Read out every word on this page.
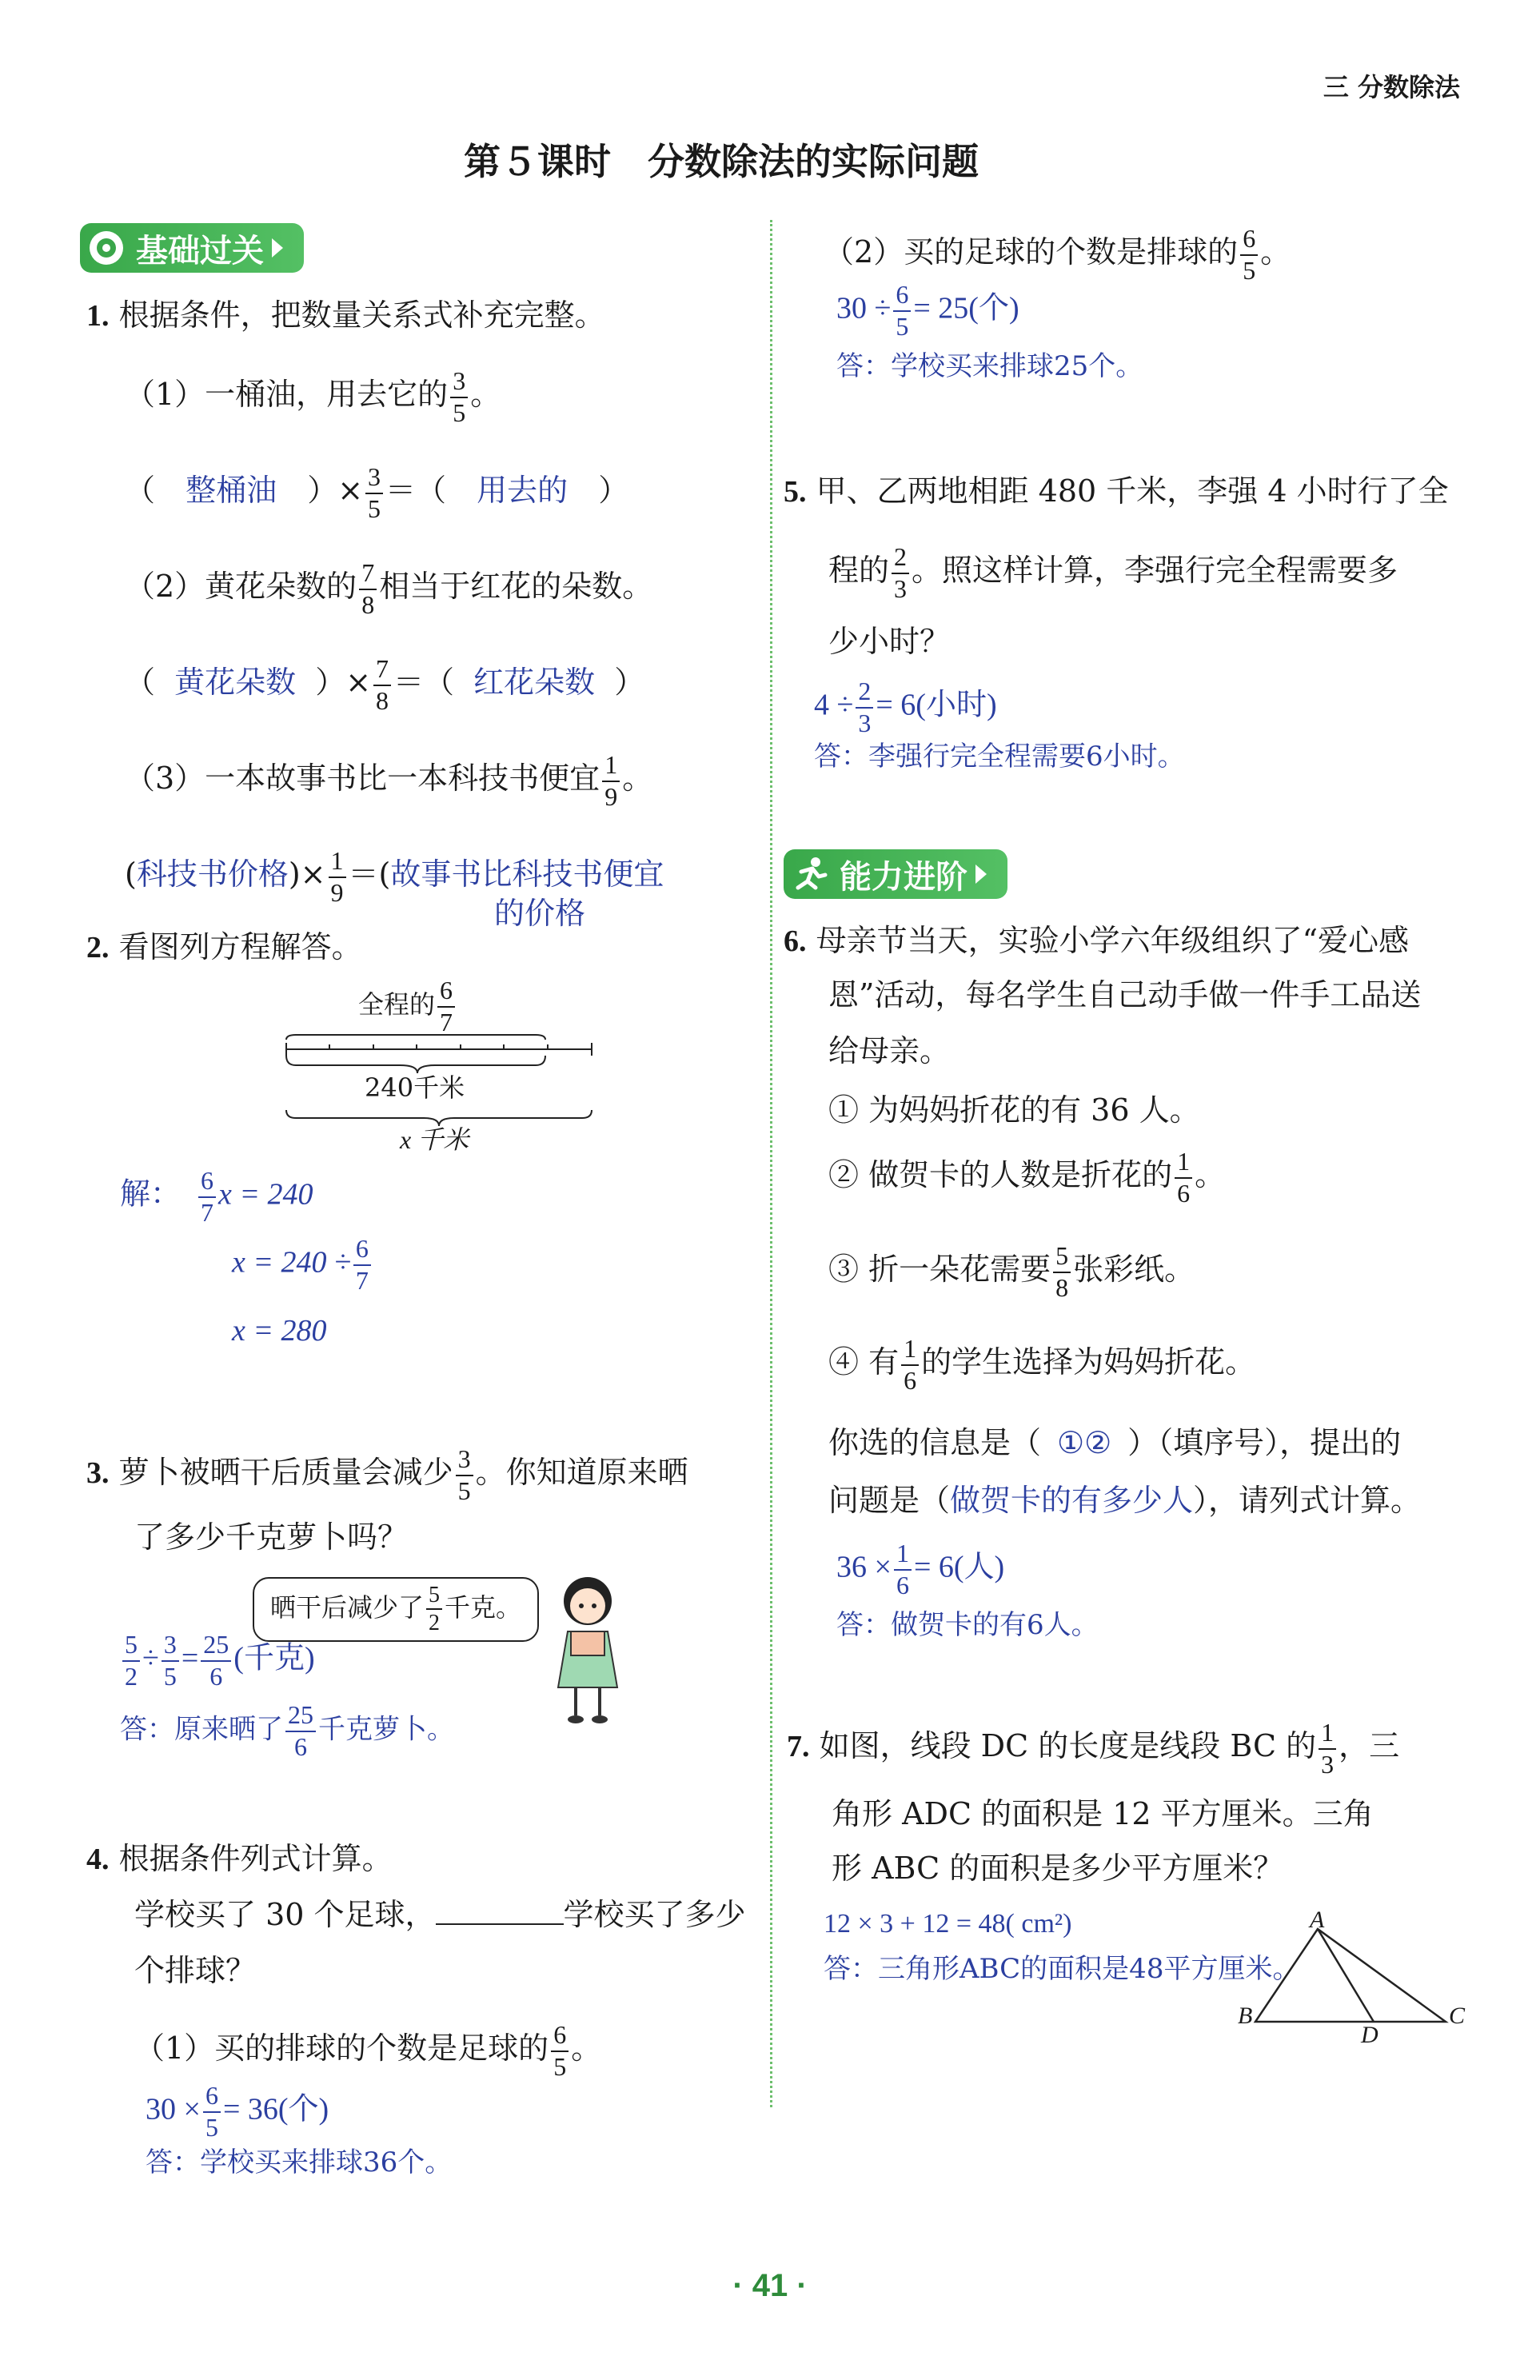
三 分数除法
第５课时　分数除法的实际问题
基础过关
1. 根据条件，把数量关系式补充完整。
（1）一桶油，用去它的 $\frac{3}{5}$ 。
（ 整桶油 ）× $\frac{3}{5}$ ＝（ 用去的 ）
（2）黄花朵数的 $\frac{7}{8}$ 相当于红花的朵数。
（ 黄花朵数 ）× $\frac{7}{8}$ ＝（ 红花朵数 ）
（3）一本故事书比一本科技书便宜 $\frac{1}{9}$ 。
(科技书价格)× $\frac{1}{9}$ ＝(故事书比科技书便宜
的价格
2. 看图列方程解答。
全程的 $\frac{6}{7}$
240千米
x 千米
解： $\frac{6}{7}$ x = 240
$x = 240 \div \frac{6}{7}$
x = 280
3. 萝卜被晒干后质量会减少 $\frac{3}{5}$ 。你知道原来晒
了多少千克萝卜吗？
晒干后减少了 $\frac{5}{2}$ 千克。
$\frac{5}{2} \div \frac{3}{5} = \frac{25}{6}$ (千克)
答：原来晒了 $\frac{25}{6}$ 千克萝卜。
4. 根据条件列式计算。
学校买了 30 个足球，	学校买了多少
个排球？
（1）买的排球的个数是足球的 $\frac{6}{5}$ 。
$30 \times \frac{6}{5} = 36$(个)
答：学校买来排球36个。
（2）买的足球的个数是排球的 $\frac{6}{5}$ 。
$30 \div \frac{6}{5} = 25$(个)
答：学校买来排球25个。
5. 甲、乙两地相距 480 千米，李强 4 小时行了全
程的 $\frac{2}{3}$ 。照这样计算，李强行完全程需要多
少小时？
$4 \div \frac{2}{3} = 6$(小时)
答：李强行完全程需要6小时。
能力进阶
6. 母亲节当天，实验小学六年级组织了“爱心感
恩”活动，每名学生自己动手做一件手工品送
给母亲。
① 为妈妈折花的有 36 人。
② 做贺卡的人数是折花的 $\frac{1}{6}$ 。
③ 折一朵花需要 $\frac{5}{8}$ 张彩纸。
④ 有 $\frac{1}{6}$ 的学生选择为妈妈折花。
你选的信息是（ ①② ）（填序号），提出的
问题是（做贺卡的有多少人），请列式计算。
$36 \times \frac{1}{6} = 6$(人)
答：做贺卡的有6人。
7. 如图，线段 DC 的长度是线段 BC 的 $\frac{1}{3}$ ，三
角形 ADC 的面积是 12 平方厘米。三角
形 ABC 的面积是多少平方厘米？
12 × 3 + 12 = 48( cm²)
答：三角形ABC的面积是48平方厘米。
A
B	C
D
· 41 ·
